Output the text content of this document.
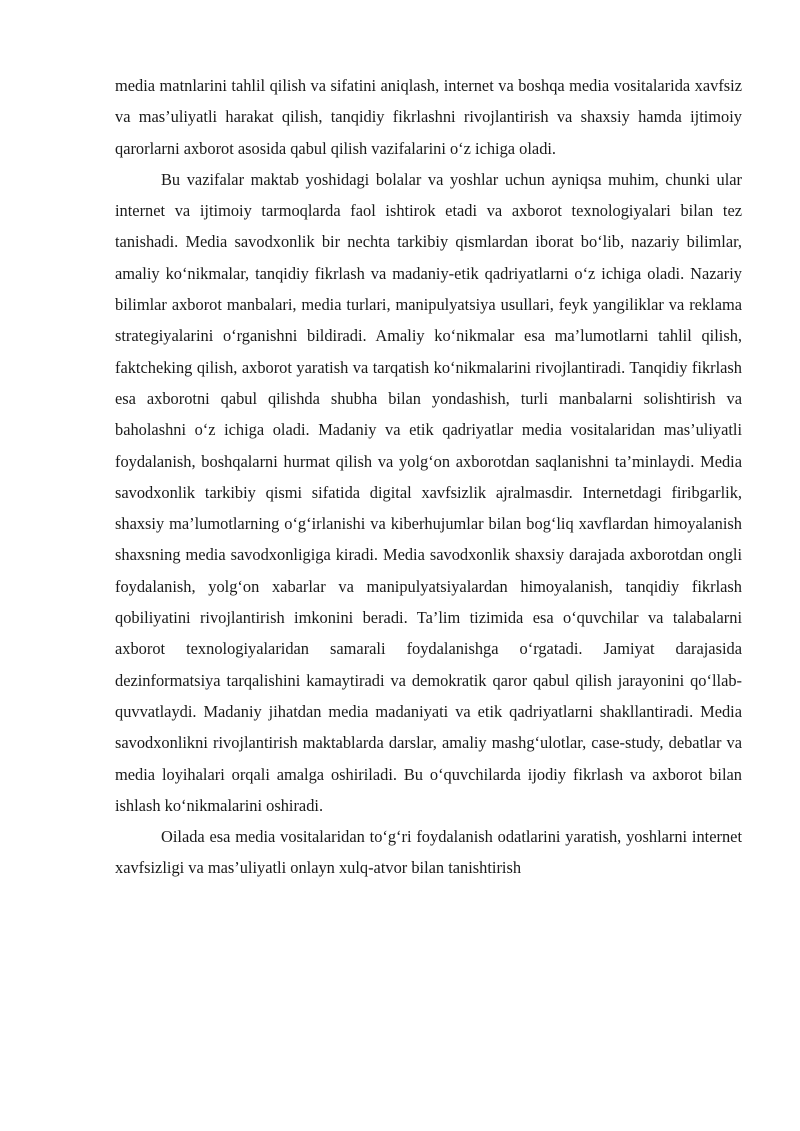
media matnlarini tahlil qilish va sifatini aniqlash, internet va boshqa media vositalarida xavfsiz va mas’uliyatli harakat qilish, tanqidiy fikrlashni rivojlantirish va shaxsiy hamda ijtimoiy qarorlarni axborot asosida qabul qilish vazifalarini o‘z ichiga oladi.

Bu vazifalar maktab yoshidagi bolalar va yoshlar uchun ayniqsa muhim, chunki ular internet va ijtimoiy tarmoqlarda faol ishtirok etadi va axborot texnologiyalari bilan tez tanishadi. Media savodxonlik bir nechta tarkibiy qismlardan iborat bo‘lib, nazariy bilimlar, amaliy ko‘nikmalar, tanqidiy fikrlash va madaniy-etik qadriyatlarni o‘z ichiga oladi. Nazariy bilimlar axborot manbalari, media turlari, manipulyatsiya usullari, feyk yangiliklar va reklama strategiyalarini o‘rganishni bildiradi. Amaliy ko‘nikmalar esa ma’lumotlarni tahlil qilish, faktcheking qilish, axborot yaratish va tarqatish ko‘nikmalarini rivojlantiradi. Tanqidiy fikrlash esa axborotni qabul qilishda shubha bilan yondashish, turli manbalarni solishtirish va baholashni o‘z ichiga oladi. Madaniy va etik qadriyatlar media vositalaridan mas’uliyatli foydalanish, boshqalarni hurmat qilish va yolg‘on axborotdan saqlanishni ta’minlaydi. Media savodxonlik tarkibiy qismi sifatida digital xavfsizlik ajralmasdir. Internetdagi firibgarlik, shaxsiy ma’lumotlarning o‘g‘irlanishi va kiberhujumlar bilan bog‘liq xavflardan himoyalanish shaxsning media savodxonligiga kiradi. Media savodxonlik shaxsiy darajada axborotdan ongli foydalanish, yolg‘on xabarlar va manipulyatsiyalardan himoyalanish, tanqidiy fikrlash qobiliyatini rivojlantirish imkonini beradi. Ta’lim tizimida esa o‘quvchilar va talabalarni axborot texnologiyalaridan samarali foydalanishga o‘rgatadi. Jamiyat darajasida dezinformatsiya tarqalishini kamaytiradi va demokratik qaror qabul qilish jarayonini qo‘llab-quvvatlaydi. Madaniy jihatdan media madaniyati va etik qadriyatlarni shakllantiradi. Media savodxonlikni rivojlantirish maktablarda darslar, amaliy mashg‘ulotlar, case-study, debatlar va media loyihalari orqali amalga oshiriladi. Bu o‘quvchilarda ijodiy fikrlash va axborot bilan ishlash ko‘nikmalarini oshiradi.

Oilada esa media vositalaridan to‘g‘ri foydalanish odatlarini yaratish, yoshlarni internet xavfsizligi va mas’uliyatli onlayn xulq-atvor bilan tanishtirish
